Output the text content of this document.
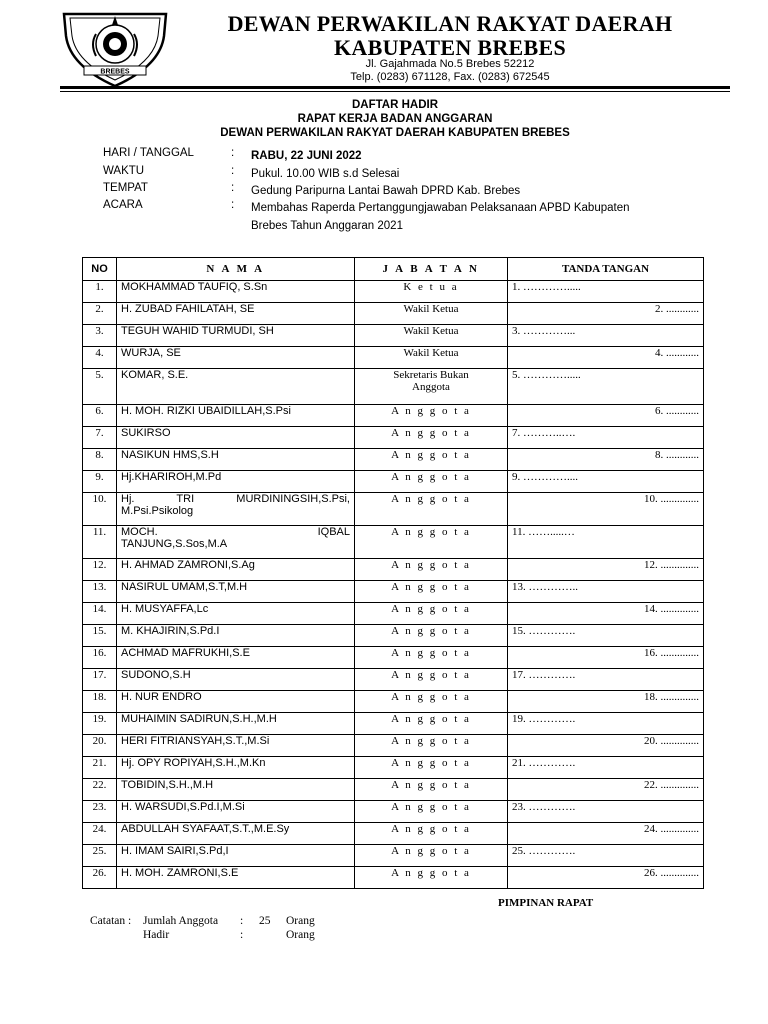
BREBES
DEWAN PERWAKILAN RAKYAT DAERAH
KABUPATEN BREBES
Jl. Gajahmada No.5 Brebes 52212
Telp. (0283) 671128, Fax. (0283) 672545
DAFTAR HADIR
RAPAT KERJA BADAN ANGGARAN
DEWAN PERWAKILAN RAKYAT DAERAH KABUPATEN BREBES
HARI / TANGGAL	: RABU, 22 JUNI 2022
WAKTU	: Pukul. 10.00 WIB s.d Selesai
TEMPAT	: Gedung Paripurna Lantai Bawah DPRD Kab. Brebes
ACARA	: Membahas Raperda Pertanggungjawaban Pelaksanaan APBD Kabupaten
Brebes Tahun Anggaran 2021
NO	N A M A	J A B A T A N	TANDA TANGAN
1.	MOKHAMMAD TAUFIQ, S.Sn	K e t u a	1. ………….....
2.	H. ZUBAD FAHILATAH, SE	Wakil Ketua	2. ............
3.	TEGUH WAHID TURMUDI, SH	Wakil Ketua	3. …………...
4.	WURJA, SE	Wakil Ketua	4. ............
5.	KOMAR, S.E.	Sekretaris Bukan
Anggota	5. ………….....
6.	H. MOH. RIZKI UBAIDILLAH,S.Psi	A n g g o t a	6. ............
7.	SUKIRSO	A n g g o t a	7. ………..….
8.	NASIKUN HMS,S.H	A n g g o t a	8. ............
9.	Hj.KHARIROH,M.Pd	A n g g o t a	9. …………....
10.	Hj. TRI MURDININGSIH,S.Psi,
M.Psi.Psikolog	A n g g o t a	10. ..............
11.	MOCH. IQBAL
TANJUNG,S.Sos,M.A	A n g g o t a	11. …….....…
12.	H. AHMAD ZAMRONI,S.Ag	A n g g o t a	12. ..............
13.	NASIRUL UMAM,S.T,M.H	A n g g o t a	13. …………..
14.	H. MUSYAFFA,Lc	A n g g o t a	14. ..............
15.	M. KHAJIRIN,S.Pd.I	A n g g o t a	15. ………….
16.	ACHMAD MAFRUKHI,S.E	A n g g o t a	16. ..............
17.	SUDONO,S.H	A n g g o t a	17. ………….
18.	H. NUR ENDRO	A n g g o t a	18. ..............
19.	MUHAIMIN SADIRUN,S.H.,M.H	A n g g o t a	19. ………….
20.	HERI FITRIANSYAH,S.T.,M.Si	A n g g o t a	20. ..............
21.	Hj. OPY ROPIYAH,S.H.,M.Kn	A n g g o t a	21. ………….
22.	TOBIDIN,S.H.,M.H	A n g g o t a	22. ..............
23.	H. WARSUDI,S.Pd.I,M.Si	A n g g o t a	23. ………….
24.	ABDULLAH SYAFAAT,S.T.,M.E.Sy	A n g g o t a	24. ..............
25.	H. IMAM SAIRI,S.Pd,I	A n g g o t a	25. ………….
26.	H. MOH. ZAMRONI,S.E	A n g g o t a	26. ..............
PIMPINAN RAPAT
Catatan : Jumlah Anggota : 25 Orang
Hadir	:	Orang
